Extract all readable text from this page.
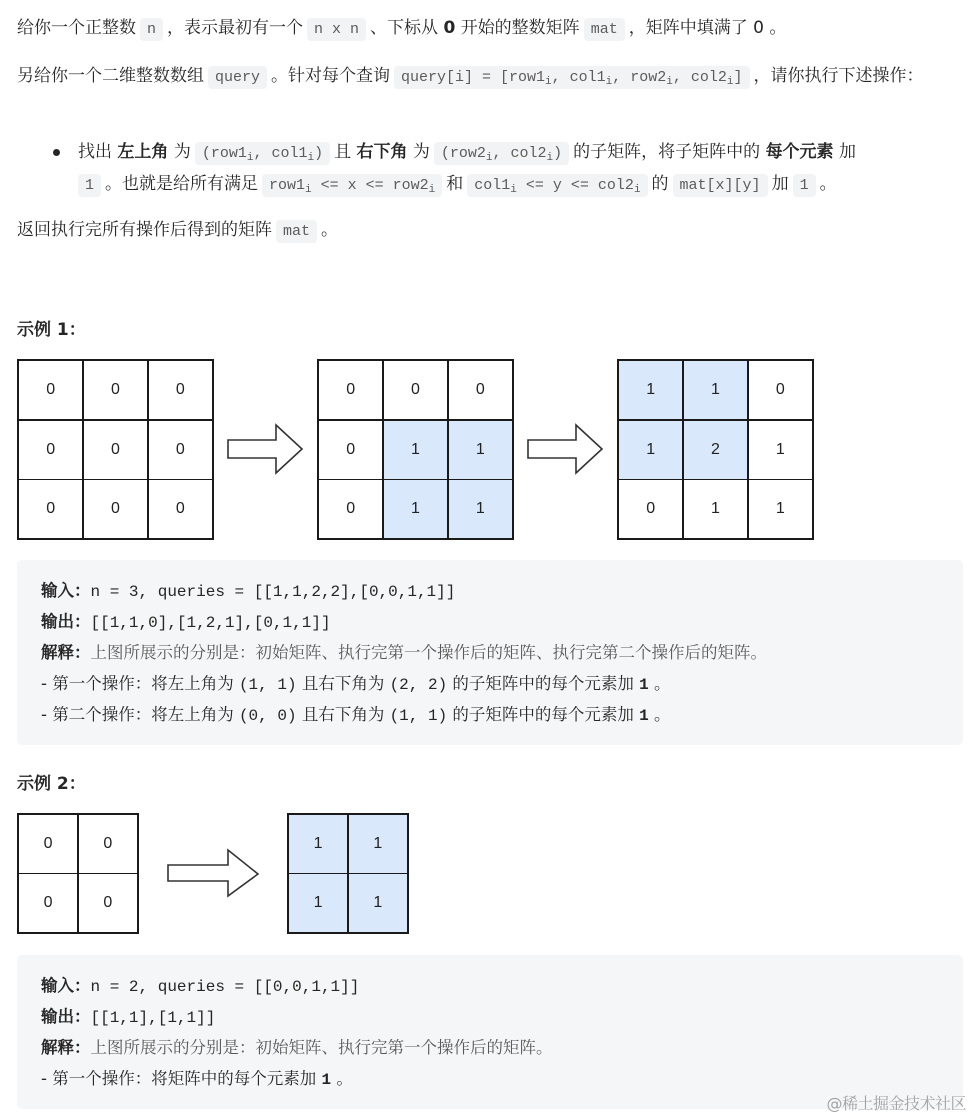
给你一个正整数 n ，表示最初有一个 n x n 、下标从 0 开始的整数矩阵 mat ，矩阵中填满了 0 。
另给你一个二维整数数组 query 。针对每个查询 query[i] = [$row1_i$, $col1_i$, $row2_i$, $col2_i$] ，请你执行下述操作：
找出 左上角 为 ($row1_i$, $col1_i$) 且 右下角 为 ($row2_i$, $col2_i$) 的子矩阵，将子矩阵中的 每个元素 加
1 。也就是给所有满足 $row1_i <= x <= row2_i$ 和 $col1_i <= y <= col2_i$ 的 mat[x][y] 加 1 。
返回执行完所有操作后得到的矩阵 mat 。
示例 1：
0	0	0
0	0	0
0	0	0
0	0	0
0	1	1
0	1	1
1	1	0
1	2	1
0	1	1
输入：n = 3, queries = [[1,1,2,2],[0,0,1,1]]
输出：[[1,1,0],[1,2,1],[0,1,1]]
解释：上图所展示的分别是：初始矩阵、执行完第一个操作后的矩阵、执行完第二个操作后的矩阵。
- 第一个操作：将左上角为 (1, 1) 且右下角为 (2, 2) 的子矩阵中的每个元素加 1 。
- 第二个操作：将左上角为 (0, 0) 且右下角为 (1, 1) 的子矩阵中的每个元素加 1 。
示例 2：
0	0
0	0
1	1
1	1
输入：n = 2, queries = [[0,0,1,1]]
输出：[[1,1],[1,1]]
解释：上图所展示的分别是：初始矩阵、执行完第一个操作后的矩阵。
- 第一个操作：将矩阵中的每个元素加 1 。
@稀土掘金技术社区
